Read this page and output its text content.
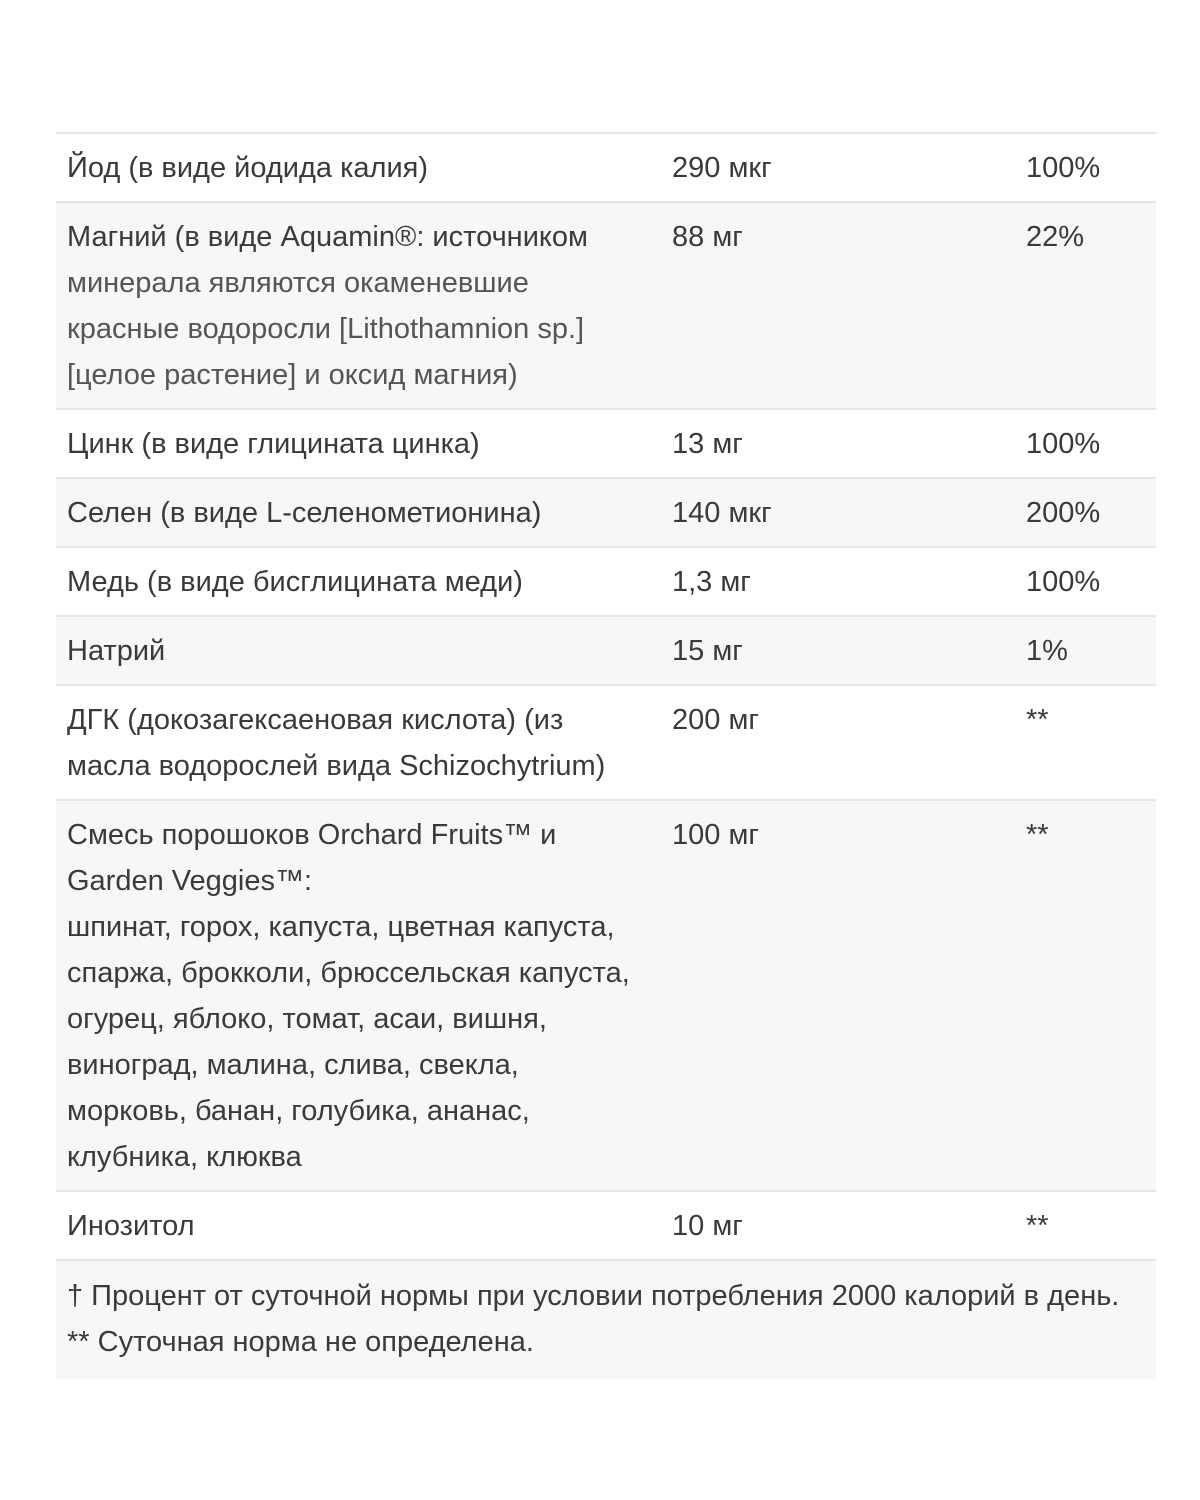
Йод (в виде йодида калия)	290 мкг	100%
Магний (в виде Aquamin®: источником
минерала являются окаменевшие
красные водоросли [Lithothamnion sp.]
[целое растение] и оксид магния)
88 мг	22%
Цинк (в виде глицината цинка)	13 мг	100%
Селен (в виде L-селенометионина)	140 мкг	200%
Медь (в виде бисглицината меди)	1,3 мг	100%
Натрий	15 мг	1%
ДГК (докозагексаеновая кислота) (из
масла водорослей вида Schizochytrium)
200 мг	**
Смесь порошоков Orchard Fruits™ и
Garden Veggies™:
шпинат, горох, капуста, цветная капуста,
спаржа, брокколи, брюссельская капуста,
огурец, яблоко, томат, асаи, вишня,
виноград, малина, слива, свекла,
морковь, банан, голубика, ананас,
клубника, клюква
100 мг	**
Инозитол	10 мг	**
† Процент от суточной нормы при условии потребления 2000 калорий в день.
** Суточная норма не определена.
